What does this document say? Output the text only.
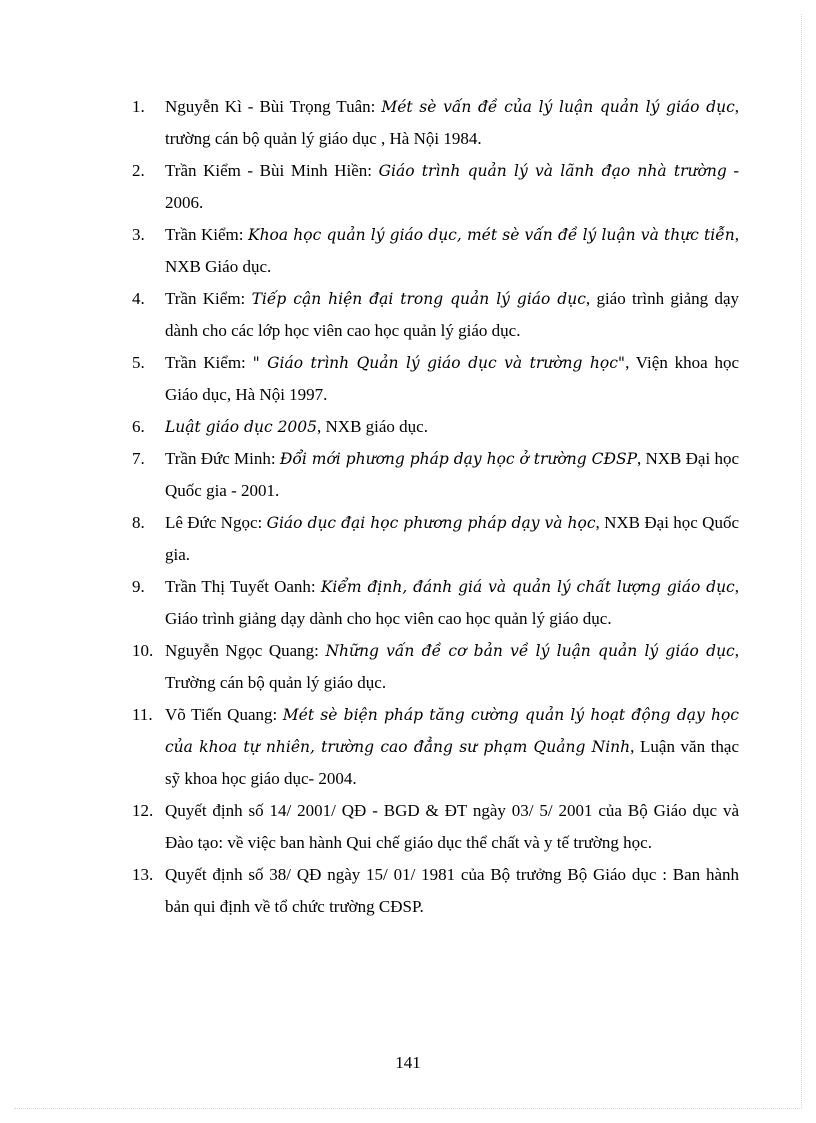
1. Nguyễn Kì - Bùi Trọng Tuân: Mét sè vấn đề của lý luận quản lý giáo dục, trường cán bộ quản lý giáo dục , Hà Nội 1984.
2. Trần Kiểm - Bùi Minh Hiền: Giáo trình quản lý và lãnh đạo nhà trường - 2006.
3. Trần Kiểm: Khoa học quản lý giáo dục, mét sè vấn đề lý luận và thực tiễn, NXB Giáo dục.
4. Trần Kiểm: Tiếp cận hiện đại trong quản lý giáo dục, giáo trình giảng dạy dành cho các lớp học viên cao học quản lý giáo dục.
5. Trần Kiểm: " Giáo trình Quản lý giáo dục và trường học", Viện khoa học Giáo dục, Hà Nội 1997.
6. Luật giáo dục 2005, NXB giáo dục.
7. Trần Đức Minh: Đổi mới phương pháp dạy học ở trường CĐSP, NXB Đại học Quốc gia - 2001.
8. Lê Đức Ngọc: Giáo dục đại học phương pháp dạy và học, NXB Đại học Quốc gia.
9. Trần Thị Tuyết Oanh: Kiểm định, đánh giá và quản lý chất lượng giáo dục, Giáo trình giảng dạy dành cho học viên cao học quản lý giáo dục.
10. Nguyễn Ngọc Quang: Những vấn đề cơ bản về lý luận quản lý giáo dục, Trường cán bộ quản lý giáo dục.
11. Võ Tiến Quang: Mét sè biện pháp tăng cường quản lý hoạt động dạy học của khoa tự nhiên, trường cao đẳng sư phạm Quảng Ninh, Luận văn thạc sỹ khoa học giáo dục- 2004.
12. Quyết định số 14/ 2001/ QĐ - BGD & ĐT ngày 03/ 5/ 2001 của Bộ Giáo dục và Đào tạo: về việc ban hành Qui chế giáo dục thể chất và y tế trường học.
13. Quyết định số 38/ QĐ ngày 15/ 01/ 1981 của Bộ trưởng Bộ Giáo dục : Ban hành bản qui định về tổ chức trường CĐSP.
141
